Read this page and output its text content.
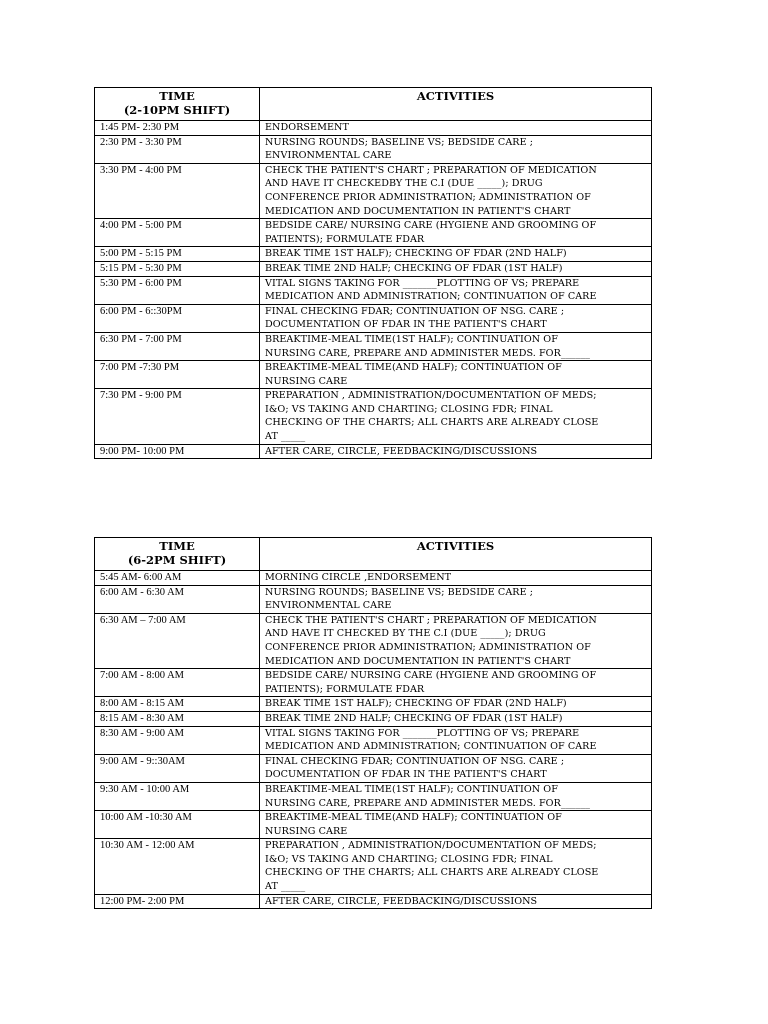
TIME
(2-10PM SHIFT)	ACTIVITIES
1:45 PM- 2:30 PM	ENDORSEMENT
2:30 PM - 3:30 PM	NURSING ROUNDS; BASELINE VS; BEDSIDE CARE ;
ENVIRONMENTAL CARE
3:30 PM - 4:00 PM	CHECK THE PATIENT'S CHART ; PREPARATION OF MEDICATION
AND HAVE IT CHECKEDBY THE C.I (DUE _____); DRUG
CONFERENCE PRIOR ADMINISTRATION; ADMINISTRATION OF
MEDICATION AND DOCUMENTATION IN PATIENT'S CHART
4:00 PM - 5:00 PM	BEDSIDE CARE/ NURSING CARE (HYGIENE AND GROOMING OF
PATIENTS); FORMULATE FDAR
5:00 PM - 5:15 PM	BREAK TIME 1ST HALF); CHECKING OF FDAR (2ND HALF)
5:15 PM - 5:30 PM	BREAK TIME 2ND HALF; CHECKING OF FDAR (1ST HALF)
5:30 PM - 6:00 PM	VITAL SIGNS TAKING FOR _______PLOTTING OF VS; PREPARE
MEDICATION AND ADMINISTRATION; CONTINUATION OF CARE
6:00 PM - 6::30PM	FINAL CHECKING FDAR; CONTINUATION OF NSG. CARE ;
DOCUMENTATION OF FDAR IN THE PATIENT'S CHART
6:30 PM - 7:00 PM	BREAKTIME-MEAL TIME(1ST HALF); CONTINUATION OF
NURSING CARE, PREPARE AND ADMINISTER MEDS. FOR______
7:00 PM -7:30 PM	BREAKTIME-MEAL TIME(AND HALF); CONTINUATION OF
NURSING CARE
7:30 PM - 9:00 PM	PREPARATION , ADMINISTRATION/DOCUMENTATION OF MEDS;
I&O; VS TAKING AND CHARTING; CLOSING FDR; FINAL
CHECKING OF THE CHARTS; ALL CHARTS ARE ALREADY CLOSE
AT _____
9:00 PM- 10:00 PM	AFTER CARE, CIRCLE, FEEDBACKING/DISCUSSIONS
TIME
(6-2PM SHIFT)	ACTIVITIES
5:45 AM- 6:00 AM	MORNING CIRCLE ,ENDORSEMENT
6:00 AM - 6:30 AM	NURSING ROUNDS; BASELINE VS; BEDSIDE CARE ;
ENVIRONMENTAL CARE
6:30 AM – 7:00 AM	CHECK THE PATIENT'S CHART ; PREPARATION OF MEDICATION
AND HAVE IT CHECKED BY THE C.I (DUE _____); DRUG
CONFERENCE PRIOR ADMINISTRATION; ADMINISTRATION OF
MEDICATION AND DOCUMENTATION IN PATIENT'S CHART
7:00 AM - 8:00 AM	BEDSIDE CARE/ NURSING CARE (HYGIENE AND GROOMING OF
PATIENTS); FORMULATE FDAR
8:00 AM - 8:15 AM	BREAK TIME 1ST HALF); CHECKING OF FDAR (2ND HALF)
8:15 AM - 8:30 AM	BREAK TIME 2ND HALF; CHECKING OF FDAR (1ST HALF)
8:30 AM - 9:00 AM	VITAL SIGNS TAKING FOR _______PLOTTING OF VS; PREPARE
MEDICATION AND ADMINISTRATION; CONTINUATION OF CARE
9:00 AM - 9::30AM	FINAL CHECKING FDAR; CONTINUATION OF NSG. CARE ;
DOCUMENTATION OF FDAR IN THE PATIENT'S CHART
9:30 AM - 10:00 AM	BREAKTIME-MEAL TIME(1ST HALF); CONTINUATION OF
NURSING CARE, PREPARE AND ADMINISTER MEDS. FOR______
10:00 AM -10:30 AM	BREAKTIME-MEAL TIME(AND HALF); CONTINUATION OF
NURSING CARE
10:30 AM - 12:00 AM	PREPARATION , ADMINISTRATION/DOCUMENTATION OF MEDS;
I&O; VS TAKING AND CHARTING; CLOSING FDR; FINAL
CHECKING OF THE CHARTS; ALL CHARTS ARE ALREADY CLOSE
AT _____
12:00 PM- 2:00 PM	AFTER CARE, CIRCLE, FEEDBACKING/DISCUSSIONS
